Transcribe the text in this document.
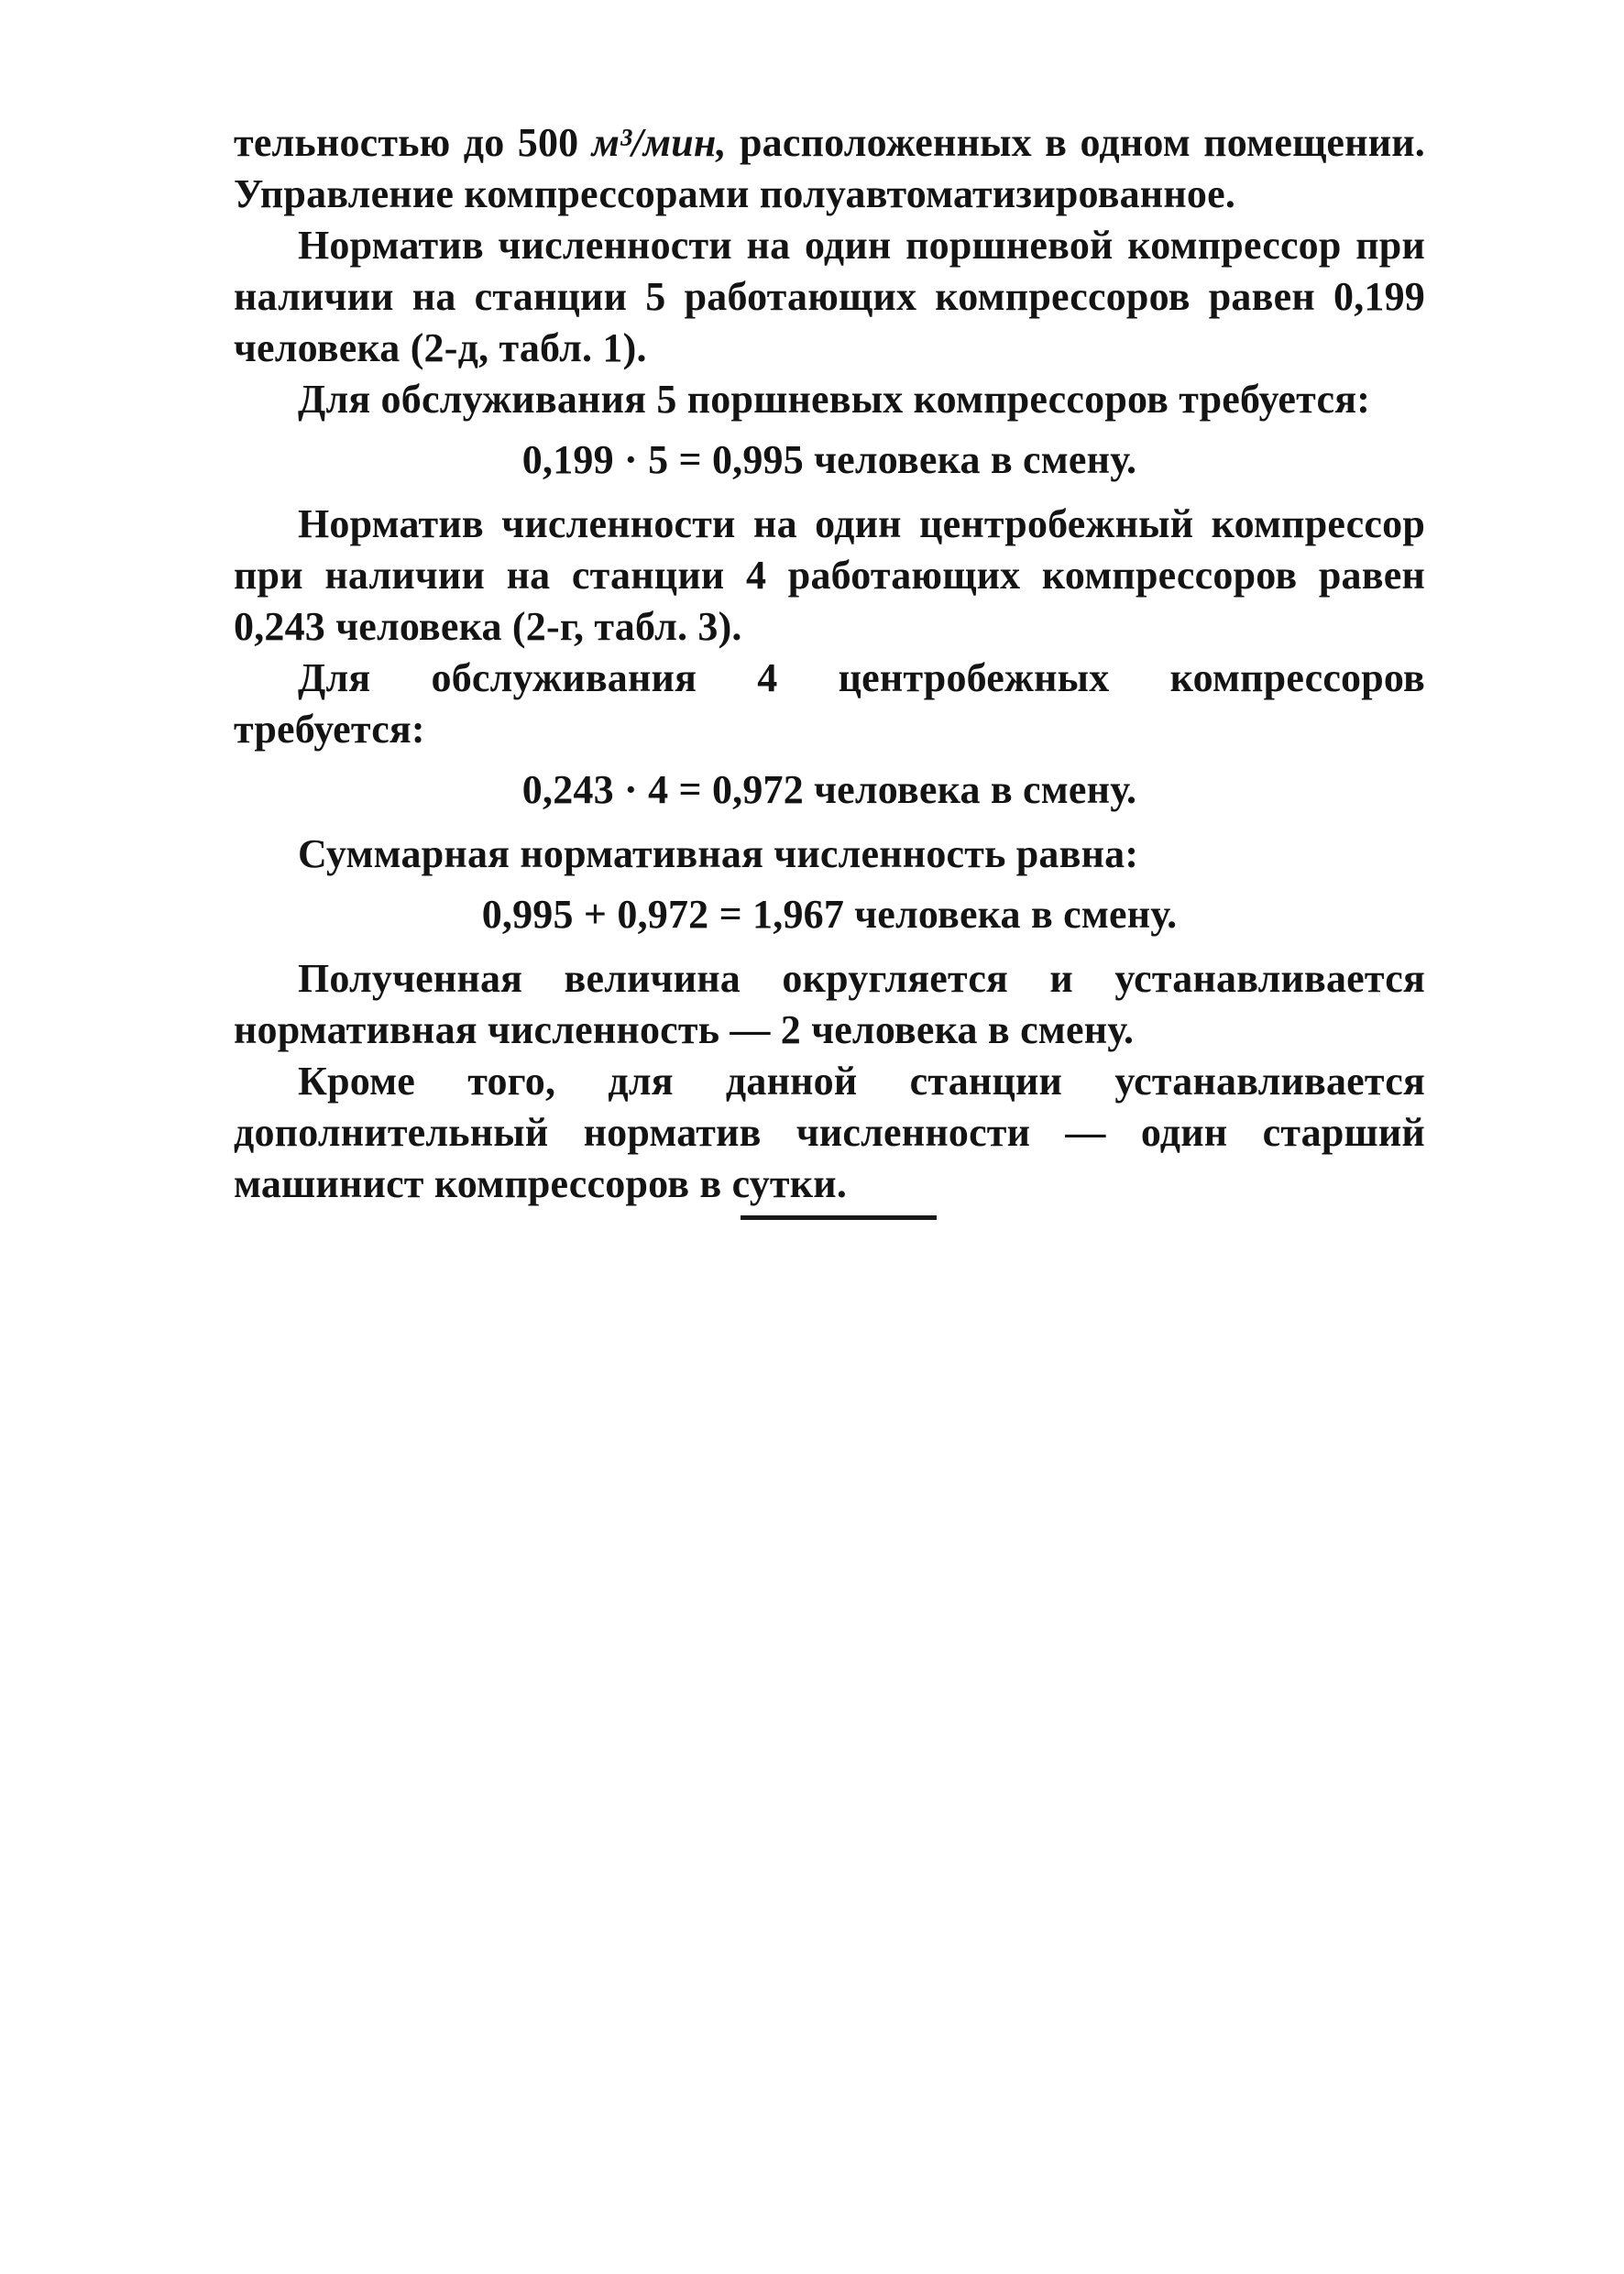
тельностью до 500 м³/мин, расположенных в одном помещении. Управление компрессорами полуавтоматизированное.

Норматив численности на один поршневой компрессор при наличии на станции 5 работающих компрессоров равен 0,199 человека (2-д, табл. 1).

Для обслуживания 5 поршневых компрессоров требуется:

0,199 · 5 = 0,995 человека в смену.

Норматив численности на один центробежный компрессор при наличии на станции 4 работающих компрессоров равен 0,243 человека (2-г, табл. 3).

Для обслуживания 4 центробежных компрессоров требуется:

0,243 · 4 = 0,972 человека в смену.

Суммарная нормативная численность равна:

0,995 + 0,972 = 1,967 человека в смену.

Полученная величина округляется и устанавливается нормативная численность — 2 человека в смену.

Кроме того, для данной станции устанавливается дополнительный норматив численности — один старший машинист компрессоров в сутки.
